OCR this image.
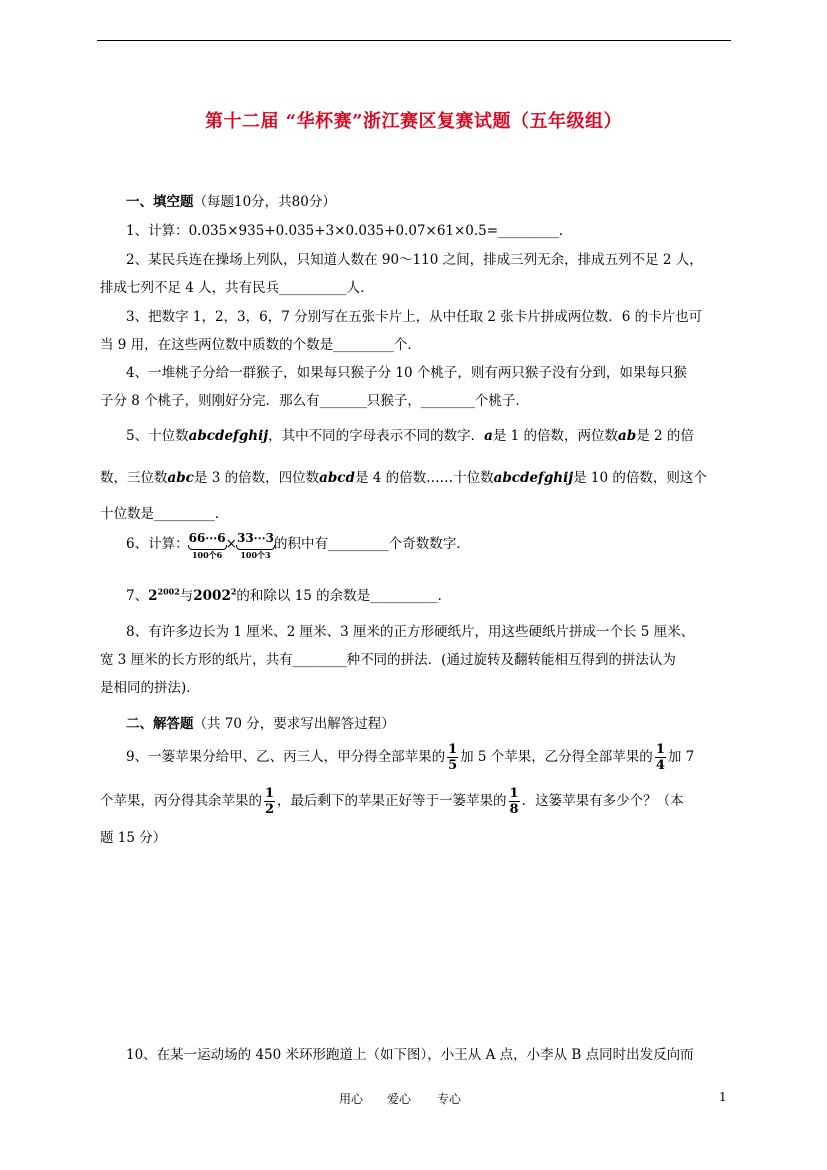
第十二届 “华杯赛”浙江赛区复赛试题（五年级组）
一、填空题（每题10分，共80分）
1、计算：0.035×935+0.035+3×0.035+0.07×61×0.5=_________．
2、某民兵连在操场上列队，只知道人数在 90～110 之间，排成三列无余，排成五列不足 2 人，
排成七列不足 4 人，共有民兵__________人．
3、把数字 1，2，3，6，7 分别写在五张卡片上，从中任取 2 张卡片拼成两位数．6 的卡片也可
当 9 用，在这些两位数中质数的个数是_________个．
4、一堆桃子分给一群猴子，如果每只猴子分 10 个桃子，则有两只猴子没有分到，如果每只猴
子分 8 个桃子，则刚好分完．那么有_______只猴子，________个桃子．
5、十位数abcdefghij，其中不同的字母表示不同的数字．a是 1 的倍数，两位数ab是 2 的倍
数，三位数abc是 3 的倍数，四位数abcd是 4 的倍数……十位数abcdefghij是 10 的倍数，则这个
十位数是_________．
6、计算： 66⋯6
100个6
× 33⋯3
100个3
的积中有_________个奇数数字．
7、$2^{2002}$与2002$^2$的和除以 15 的余数是__________．
8、有许多边长为 1 厘米、2 厘米、3 厘米的正方形硬纸片，用这些硬纸片拼成一个长 5 厘米、
宽 3 厘米的长方形的纸片，共有________种不同的拼法．(通过旋转及翻转能相互得到的拼法认为
是相同的拼法)．
二、解答题（共 70 分，要求写出解答过程）
9、一篓苹果分给甲、乙、丙三人，甲分得全部苹果的 $\frac{1}{5}$ 加 5 个苹果，乙分得全部苹果的 $\frac{1}{4}$ 加 7
个苹果，丙分得其余苹果的 $\frac{1}{2}$ ，最后剩下的苹果正好等于一篓苹果的 $\frac{1}{8}$ ．这篓苹果有多少个？（本
题 15 分）
10、在某一运动场的 450 米环形跑道上（如下图），小王从 A 点，小李从 B 点同时出发反向而
用心 爱心 专心	1
